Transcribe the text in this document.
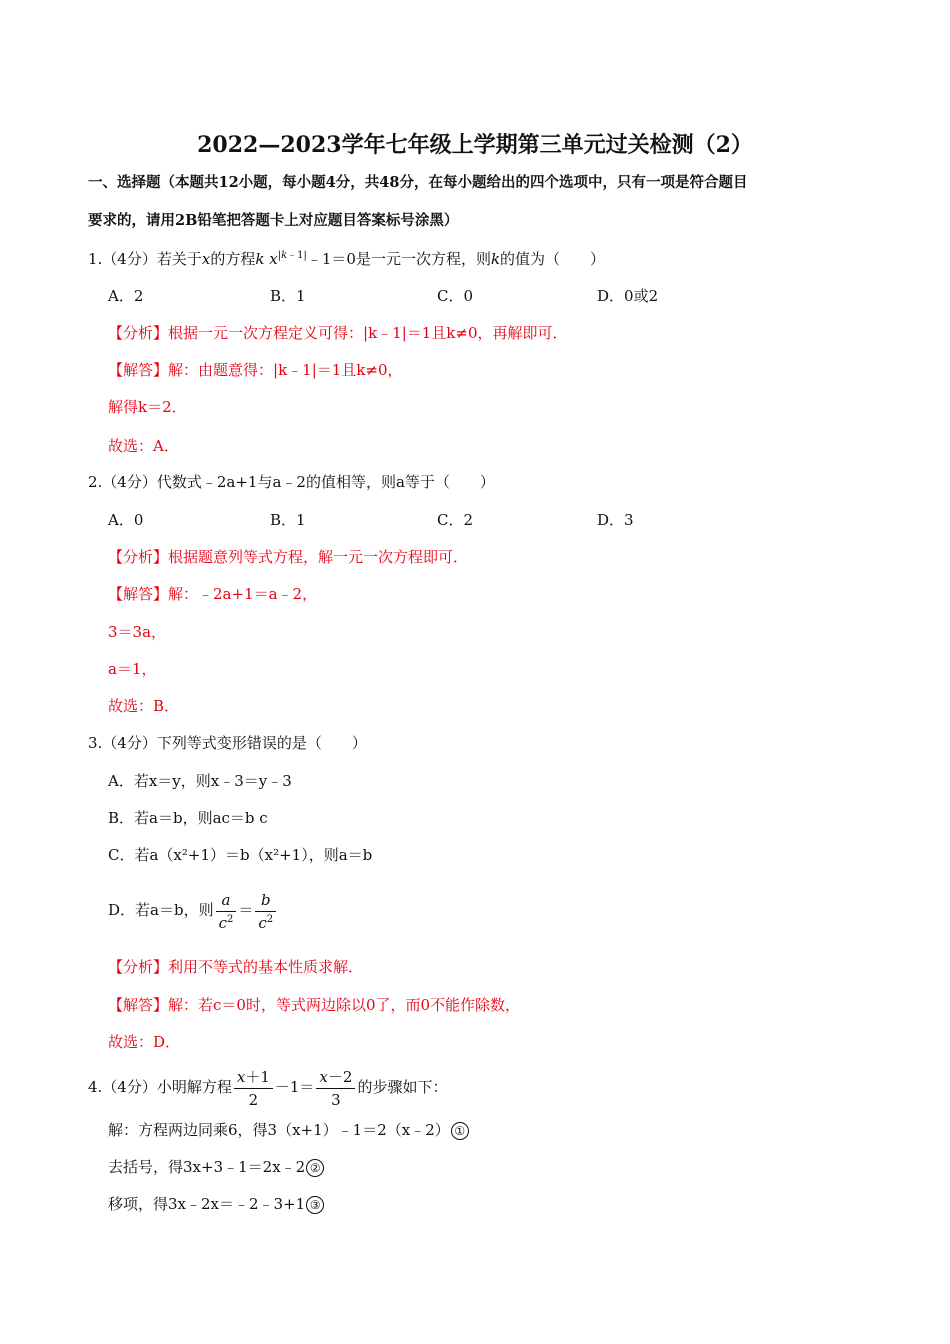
2022—2023学年七年级上学期第三单元过关检测（2）
一、选择题（本题共12小题，每小题4分，共48分，在每小题给出的四个选项中，只有一项是符合题目
要求的，请用2B铅笔把答题卡上对应题目答案标号涂黑）
1.（4分）若关于x的方程k $x^{|k﹣1|}﹣1=0$是一元一次方程，则k的值为（　　）
A．2	B．1	C．0	D．0或2
【分析】根据一元一次方程定义可得：|k﹣1|＝1且k≠0，再解即可．
【解答】解：由题意得：|k﹣1|＝1且k≠0，
解得k＝2．
故选：A．
2.（4分）代数式﹣2a+1与a﹣2的值相等，则a等于（　　）
A．0	B．1	C．2	D．3
【分析】根据题意列等式方程，解一元一次方程即可．
【解答】解：﹣2a+1＝a﹣2，
3＝3a，
a＝1，
故选：B．
3.（4分）下列等式变形错误的是（　　）
A．若x＝y，则x﹣3＝y﹣3
B．若a＝b，则ac＝b c
C．若a（x²+1）＝b（x²+1），则a＝b
D．若a＝b，则 $\frac{a}{c^2} = \frac{b}{c^2}$
【分析】利用不等式的基本性质求解．
【解答】解：若c＝0时，等式两边除以0了，而0不能作除数，
故选：D．
4.（4分）小明解方程 $\frac{x+1}{2} -1= \frac{x-2}{3}$ 的步骤如下：
解：方程两边同乘6，得3（x+1）﹣1＝2（x﹣2） ①
去括号，得3x+3﹣1＝2x﹣2 ②
移项，得3x﹣2x＝﹣2﹣3+1 ③
